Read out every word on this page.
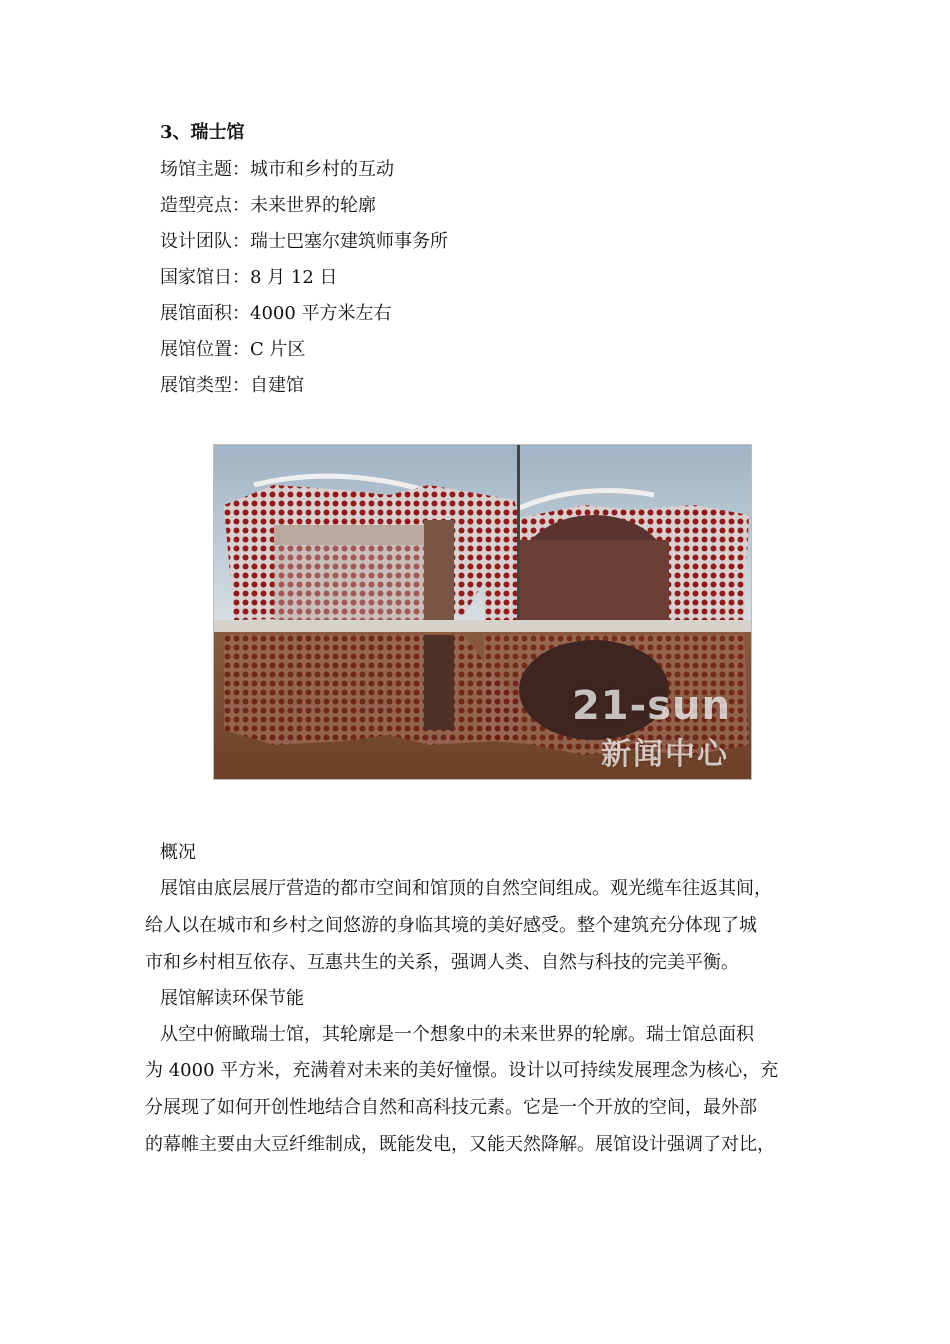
3、瑞士馆
场馆主题：城市和乡村的互动
造型亮点：未来世界的轮廓
设计团队：瑞士巴塞尔建筑师事务所
国家馆日：8 月 12 日
展馆面积：4000 平方米左右
展馆位置：C 片区
展馆类型：自建馆
21-sun
新闻中心
概况
展馆由底层展厅营造的都市空间和馆顶的自然空间组成。观光缆车往返其间，
给人以在城市和乡村之间悠游的身临其境的美好感受。整个建筑充分体现了城
市和乡村相互依存、互惠共生的关系，强调人类、自然与科技的完美平衡。
展馆解读环保节能
从空中俯瞰瑞士馆，其轮廓是一个想象中的未来世界的轮廓。瑞士馆总面积
为 4000 平方米，充满着对未来的美好憧憬。设计以可持续发展理念为核心，充
分展现了如何开创性地结合自然和高科技元素。它是一个开放的空间，最外部
的幕帷主要由大豆纤维制成，既能发电，又能天然降解。展馆设计强调了对比，
